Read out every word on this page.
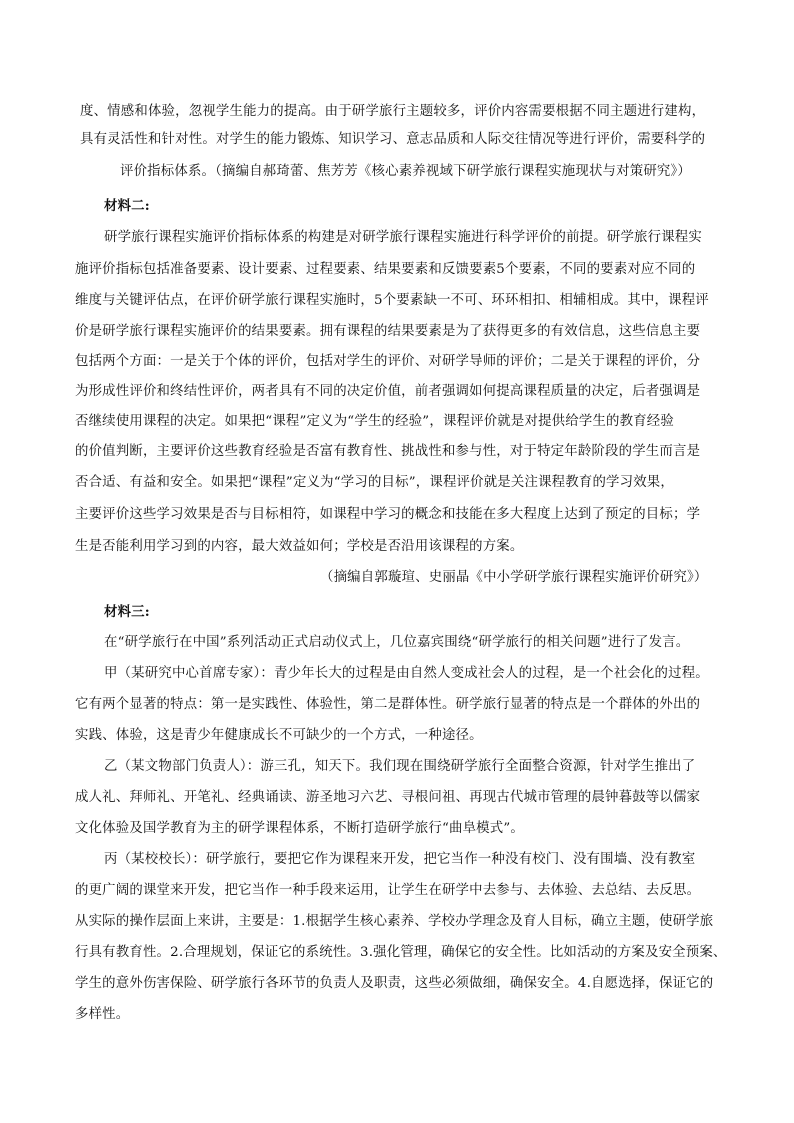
度、情感和体验，忽视学生能力的提高。由于研学旅行主题较多，评价内容需要根据不同主题进行建构，

具有灵活性和针对性。对学生的能力锻炼、知识学习、意志品质和人际交往情况等进行评价，需要科学的

评价指标体系。（摘编自郝琦蕾、焦芳芳《核心素养视域下研学旅行课程实施现状与对策研究》）

材料二:

研学旅行课程实施评价指标体系的构建是对研学旅行课程实施进行科学评价的前提。研学旅行课程实

施评价指标包括准备要素、设计要素、过程要素、结果要素和反馈要素5个要素，不同的要素对应不同的

维度与关键评估点，在评价研学旅行课程实施时，5个要素缺一不可、环环相扣、相辅相成。其中，课程评

价是研学旅行课程实施评价的结果要素。拥有课程的结果要素是为了获得更多的有效信息，这些信息主要

包括两个方面：一是关于个体的评价，包括对学生的评价、对研学导师的评价；二是关于课程的评价，分

为形成性评价和终结性评价，两者具有不同的决定价值，前者强调如何提高课程质量的决定，后者强调是

否继续使用课程的决定。如果把“课程”定义为“学生的经验”，课程评价就是对提供给学生的教育经验

的价值判断，主要评价这些教育经验是否富有教育性、挑战性和参与性，对于特定年龄阶段的学生而言是

否合适、有益和安全。如果把“课程”定义为“学习的目标”，课程评价就是关注课程教育的学习效果，

主要评价这些学习效果是否与目标相符，如课程中学习的概念和技能在多大程度上达到了预定的目标；学

生是否能利用学习到的内容，最大效益如何；学校是否沿用该课程的方案。

（摘编自郭璇瑄、史丽晶《中小学研学旅行课程实施评价研究》）

材料三:

在“研学旅行在中国”系列活动正式启动仪式上，几位嘉宾围绕“研学旅行的相关问题”进行了发言。

甲（某研究中心首席专家）：青少年长大的过程是由自然人变成社会人的过程，是一个社会化的过程。

它有两个显著的特点：第一是实践性、体验性，第二是群体性。研学旅行显著的特点是一个群体的外出的

实践、体验，这是青少年健康成长不可缺少的一个方式，一种途径。

乙（某文物部门负责人）：游三孔，知天下。我们现在围绕研学旅行全面整合资源，针对学生推出了

成人礼、拜师礼、开笔礼、经典诵读、游圣地习六艺、寻根问祖、再现古代城市管理的晨钟暮鼓等以儒家

文化体验及国学教育为主的研学课程体系，不断打造研学旅行“曲阜模式”。

丙（某校校长）：研学旅行，要把它作为课程来开发，把它当作一种没有校门、没有围墙、没有教室

的更广阔的课堂来开发，把它当作一种手段来运用，让学生在研学中去参与、去体验、去总结、去反思。

从实际的操作层面上来讲，主要是：1.根据学生核心素养、学校办学理念及育人目标，确立主题，使研学旅

行具有教育性。2.合理规划，保证它的系统性。3.强化管理，确保它的安全性。比如活动的方案及安全预案、

学生的意外伤害保险、研学旅行各环节的负责人及职责，这些必须做细，确保安全。4.自愿选择，保证它的

多样性。
